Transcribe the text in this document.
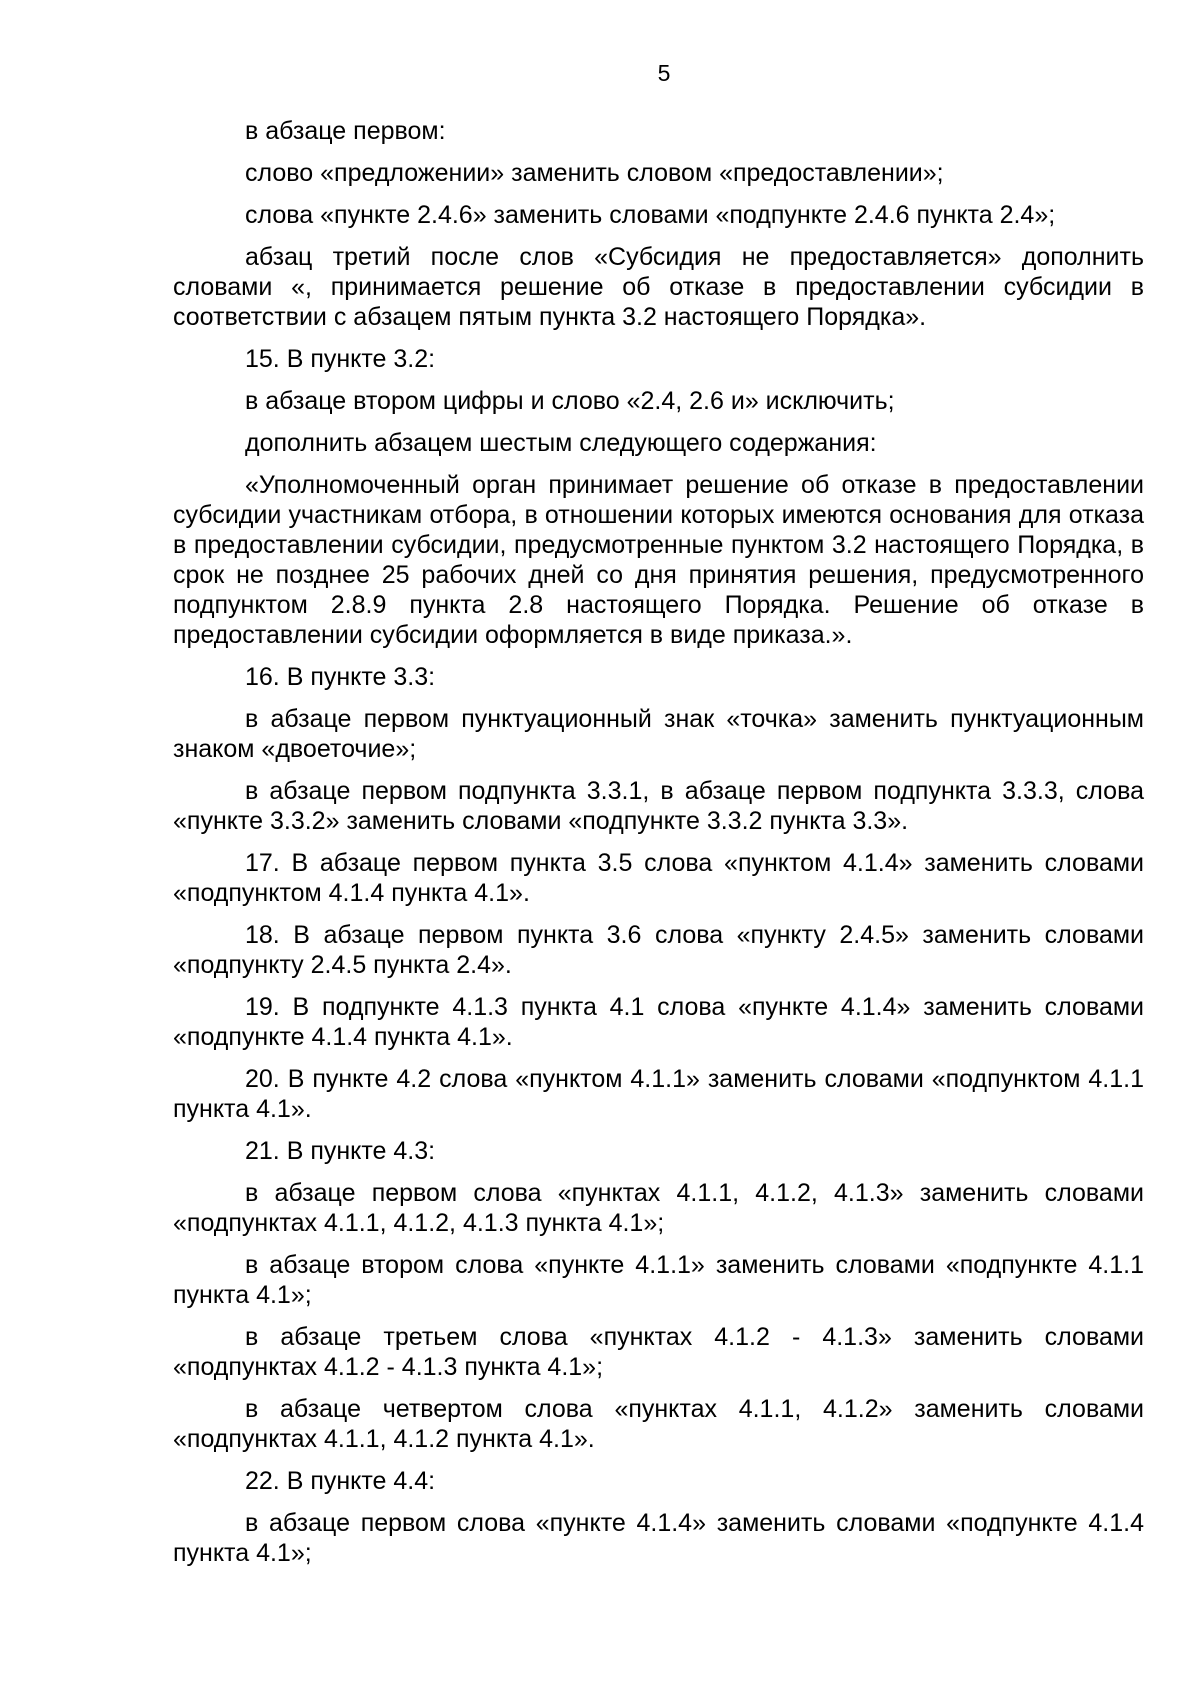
5

в абзаце первом:

слово «предложении» заменить словом «предоставлении»;

слова «пункте 2.4.6» заменить словами «подпункте 2.4.6 пункта 2.4»;

абзац третий после слов «Субсидия не предоставляется» дополнить словами «, принимается решение об отказе в предоставлении субсидии в соответствии с абзацем пятым пункта 3.2 настоящего Порядка».

15. В пункте 3.2:

в абзаце втором цифры и слово «2.4, 2.6 и» исключить;

дополнить абзацем шестым следующего содержания:

«Уполномоченный орган принимает решение об отказе в предоставлении субсидии участникам отбора, в отношении которых имеются основания для отказа в предоставлении субсидии, предусмотренные пунктом 3.2 настоящего Порядка, в срок не позднее 25 рабочих дней со дня принятия решения, предусмотренного подпунктом 2.8.9 пункта 2.8 настоящего Порядка. Решение об отказе в предоставлении субсидии оформляется в виде приказа.».

16. В пункте 3.3:

в абзаце первом пунктуационный знак «точка» заменить пунктуационным знаком «двоеточие»;

в абзаце первом подпункта 3.3.1, в абзаце первом подпункта 3.3.3, слова «пункте 3.3.2» заменить словами «подпункте 3.3.2 пункта 3.3».

17. В абзаце первом пункта 3.5 слова «пунктом 4.1.4» заменить словами «подпунктом 4.1.4 пункта 4.1».

18. В абзаце первом пункта 3.6 слова «пункту 2.4.5» заменить словами «подпункту 2.4.5 пункта 2.4».

19. В подпункте 4.1.3 пункта 4.1 слова «пункте 4.1.4» заменить словами «подпункте 4.1.4 пункта 4.1».

20. В пункте 4.2 слова «пунктом 4.1.1» заменить словами «подпунктом 4.1.1 пункта 4.1».

21. В пункте 4.3:

в абзаце первом слова «пунктах 4.1.1, 4.1.2, 4.1.3» заменить словами «подпунктах 4.1.1, 4.1.2, 4.1.3 пункта 4.1»;

в абзаце втором слова «пункте 4.1.1» заменить словами «подпункте 4.1.1 пункта 4.1»;

в абзаце третьем слова «пунктах 4.1.2 - 4.1.3» заменить словами «подпунктах 4.1.2 - 4.1.3 пункта 4.1»;

в абзаце четвертом слова «пунктах 4.1.1, 4.1.2» заменить словами «подпунктах 4.1.1, 4.1.2 пункта 4.1».

22. В пункте 4.4:

в абзаце первом слова «пункте 4.1.4» заменить словами «подпункте 4.1.4 пункта 4.1»;
